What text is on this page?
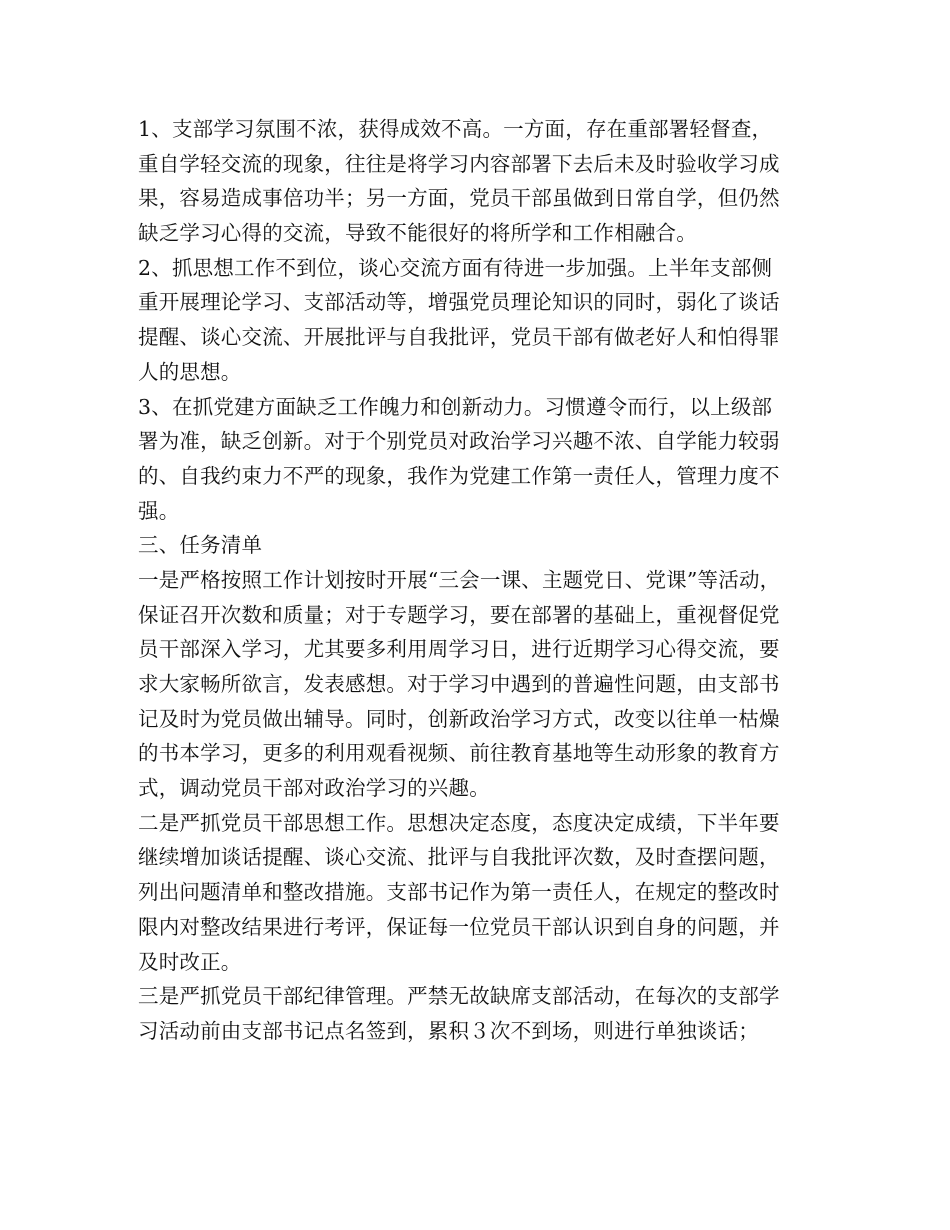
1、支部学习氛围不浓，获得成效不高。一方面，存在重部署轻督查，
重自学轻交流的现象，往往是将学习内容部署下去后未及时验收学习成
果，容易造成事倍功半；另一方面，党员干部虽做到日常自学，但仍然
缺乏学习心得的交流，导致不能很好的将所学和工作相融合。
2、抓思想工作不到位，谈心交流方面有待进一步加强。上半年支部侧
重开展理论学习、支部活动等，增强党员理论知识的同时，弱化了谈话
提醒、谈心交流、开展批评与自我批评，党员干部有做老好人和怕得罪
人的思想。
3、在抓党建方面缺乏工作魄力和创新动力。习惯遵令而行，以上级部
署为准，缺乏创新。对于个别党员对政治学习兴趣不浓、自学能力较弱
的、自我约束力不严的现象，我作为党建工作第一责任人，管理力度不
强。
三、任务清单
一是严格按照工作计划按时开展“三会一课、主题党日、党课”等活动，
保证召开次数和质量；对于专题学习，要在部署的基础上，重视督促党
员干部深入学习，尤其要多利用周学习日，进行近期学习心得交流，要
求大家畅所欲言，发表感想。对于学习中遇到的普遍性问题，由支部书
记及时为党员做出辅导。同时，创新政治学习方式，改变以往单一枯燥
的书本学习，更多的利用观看视频、前往教育基地等生动形象的教育方
式，调动党员干部对政治学习的兴趣。
二是严抓党员干部思想工作。思想决定态度，态度决定成绩，下半年要
继续增加谈话提醒、谈心交流、批评与自我批评次数，及时查摆问题，
列出问题清单和整改措施。支部书记作为第一责任人，在规定的整改时
限内对整改结果进行考评，保证每一位党员干部认识到自身的问题，并
及时改正。
三是严抓党员干部纪律管理。严禁无故缺席支部活动，在每次的支部学
习活动前由支部书记点名签到，累积３次不到场，则进行单独谈话；
